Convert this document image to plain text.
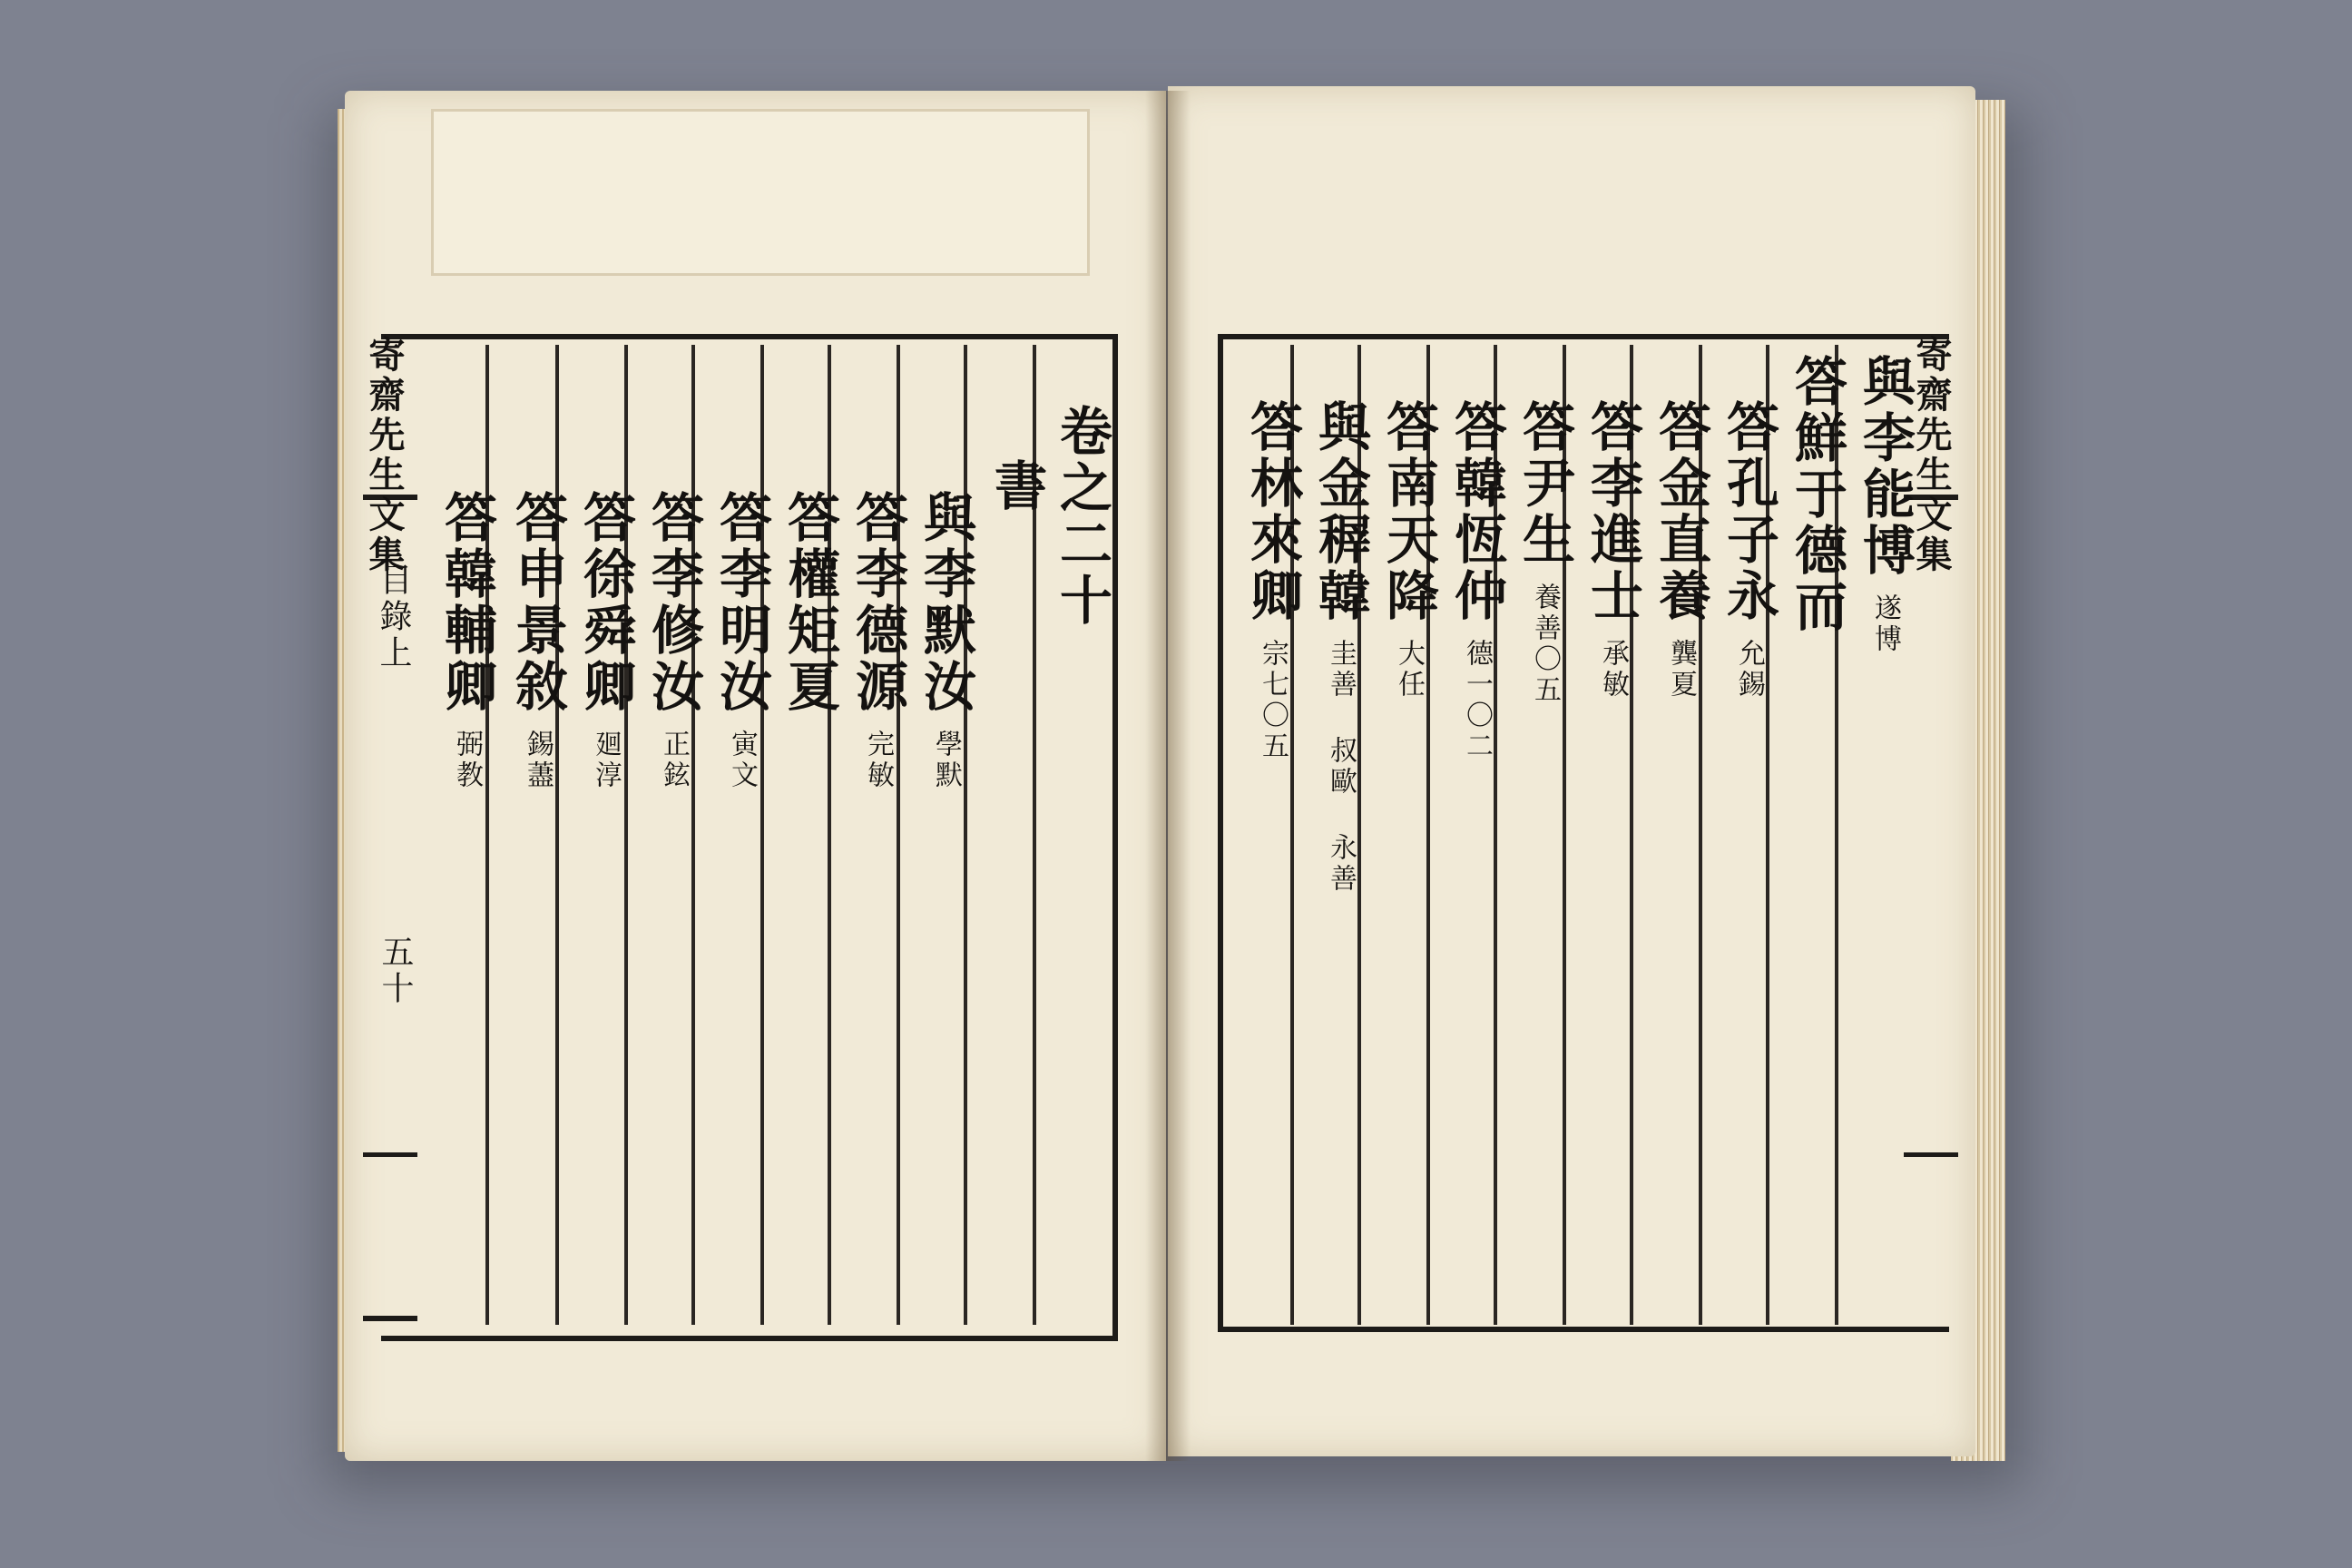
寄齋先生文集
目錄上
五十
卷之二十
書
與李默汝學默
答李德源完敏
答權矩夏
答李明汝寅文
答李修汝正鉉
答徐舜卿廻淳
答申景敘錫藎
答韓輔卿弼教
寄齋先生文集
與李能博遂博
答鮮于德而
答孔子永允錫
答金直養龔夏
答李進士承敏
答尹生養善〇五
答韓恆仲德一〇二
答南天降大任
與金稺韓圭善 叔歐 永善
答林來卿宗七〇五
